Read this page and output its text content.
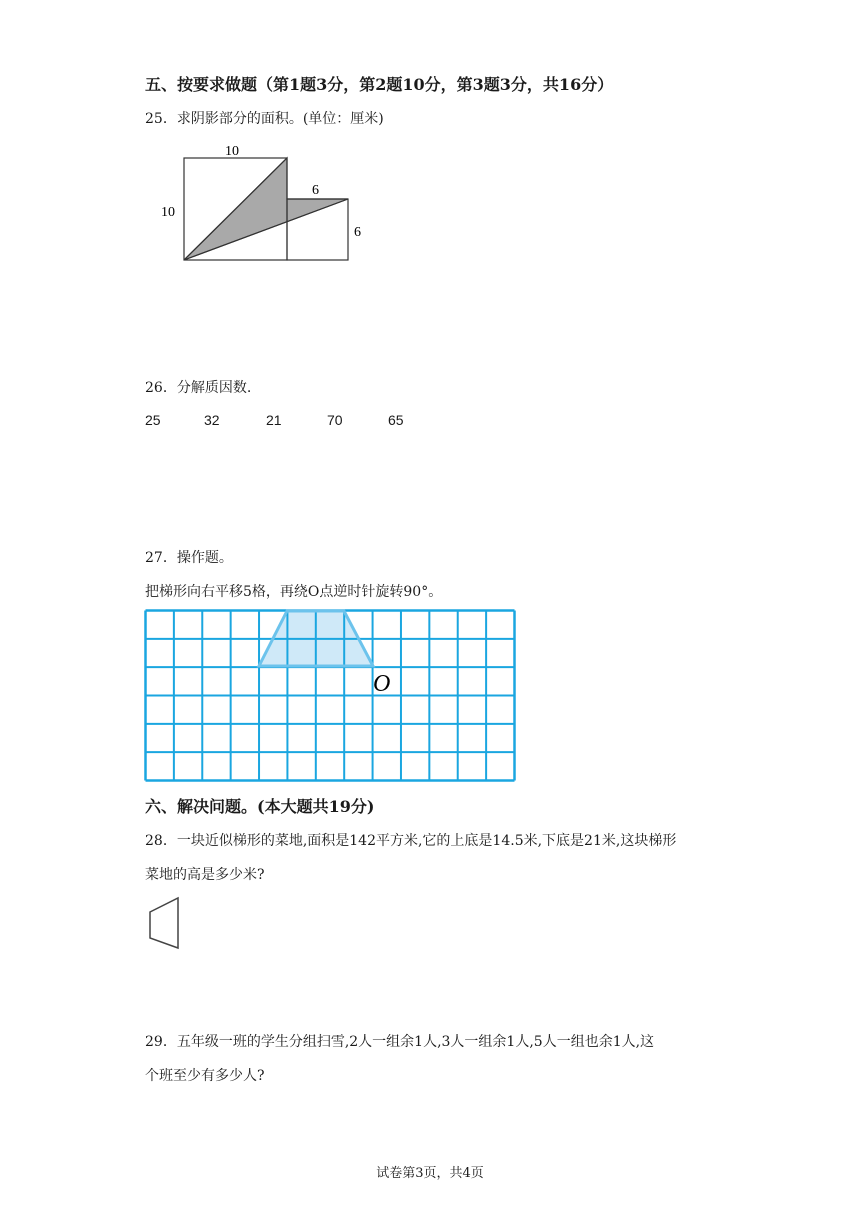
五、按要求做题（第1题3分，第2题10分，第3题3分，共16分）
25．求阴影部分的面积。(单位：厘米)
10
10
6
6
26．分解质因数.
25	32	21	70	65
27．操作题。
把梯形向右平移5格，再绕O点逆时针旋转90°。
O
六、解决问题。(本大题共19分)
28．一块近似梯形的菜地,面积是142平方米,它的上底是14.5米,下底是21米,这块梯形
菜地的高是多少米?
29．五年级一班的学生分组扫雪,2人一组余1人,3人一组余1人,5人一组也余1人,这
个班至少有多少人?
试卷第3页，共4页
